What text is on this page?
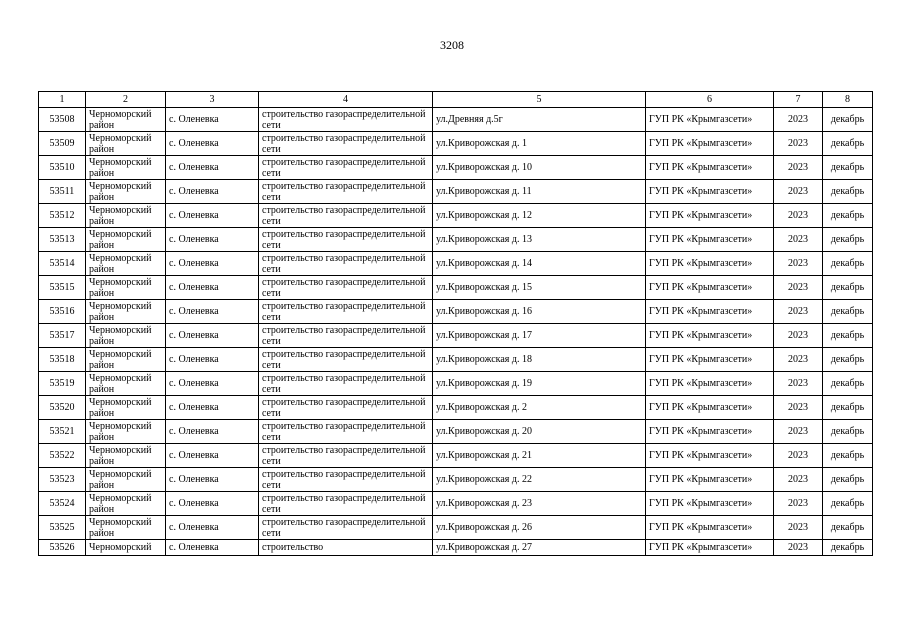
3208
1	2	3	4	5	6	7	8
53508	Черноморский район	с. Оленевка	строительство газораспределительной сети	ул.Древняя д.5г	ГУП РК «Крымгазсети»	2023	декабрь
53509	Черноморский район	с. Оленевка	строительство газораспределительной сети	ул.Криворожская д. 1	ГУП РК «Крымгазсети»	2023	декабрь
53510	Черноморский район	с. Оленевка	строительство газораспределительной сети	ул.Криворожская д. 10	ГУП РК «Крымгазсети»	2023	декабрь
53511	Черноморский район	с. Оленевка	строительство газораспределительной сети	ул.Криворожская д. 11	ГУП РК «Крымгазсети»	2023	декабрь
53512	Черноморский район	с. Оленевка	строительство газораспределительной сети	ул.Криворожская д. 12	ГУП РК «Крымгазсети»	2023	декабрь
53513	Черноморский район	с. Оленевка	строительство газораспределительной сети	ул.Криворожская д. 13	ГУП РК «Крымгазсети»	2023	декабрь
53514	Черноморский район	с. Оленевка	строительство газораспределительной сети	ул.Криворожская д. 14	ГУП РК «Крымгазсети»	2023	декабрь
53515	Черноморский район	с. Оленевка	строительство газораспределительной сети	ул.Криворожская д. 15	ГУП РК «Крымгазсети»	2023	декабрь
53516	Черноморский район	с. Оленевка	строительство газораспределительной сети	ул.Криворожская д. 16	ГУП РК «Крымгазсети»	2023	декабрь
53517	Черноморский район	с. Оленевка	строительство газораспределительной сети	ул.Криворожская д. 17	ГУП РК «Крымгазсети»	2023	декабрь
53518	Черноморский район	с. Оленевка	строительство газораспределительной сети	ул.Криворожская д. 18	ГУП РК «Крымгазсети»	2023	декабрь
53519	Черноморский район	с. Оленевка	строительство газораспределительной сети	ул.Криворожская д. 19	ГУП РК «Крымгазсети»	2023	декабрь
53520	Черноморский район	с. Оленевка	строительство газораспределительной сети	ул.Криворожская д. 2	ГУП РК «Крымгазсети»	2023	декабрь
53521	Черноморский район	с. Оленевка	строительство газораспределительной сети	ул.Криворожская д. 20	ГУП РК «Крымгазсети»	2023	декабрь
53522	Черноморский район	с. Оленевка	строительство газораспределительной сети	ул.Криворожская д. 21	ГУП РК «Крымгазсети»	2023	декабрь
53523	Черноморский район	с. Оленевка	строительство газораспределительной сети	ул.Криворожская д. 22	ГУП РК «Крымгазсети»	2023	декабрь
53524	Черноморский район	с. Оленевка	строительство газораспределительной сети	ул.Криворожская д. 23	ГУП РК «Крымгазсети»	2023	декабрь
53525	Черноморский район	с. Оленевка	строительство газораспределительной сети	ул.Криворожская д. 26	ГУП РК «Крымгазсети»	2023	декабрь
53526	Черноморский	с. Оленевка	строительство	ул.Криворожская д. 27	ГУП РК «Крымгазсети»	2023	декабрь
